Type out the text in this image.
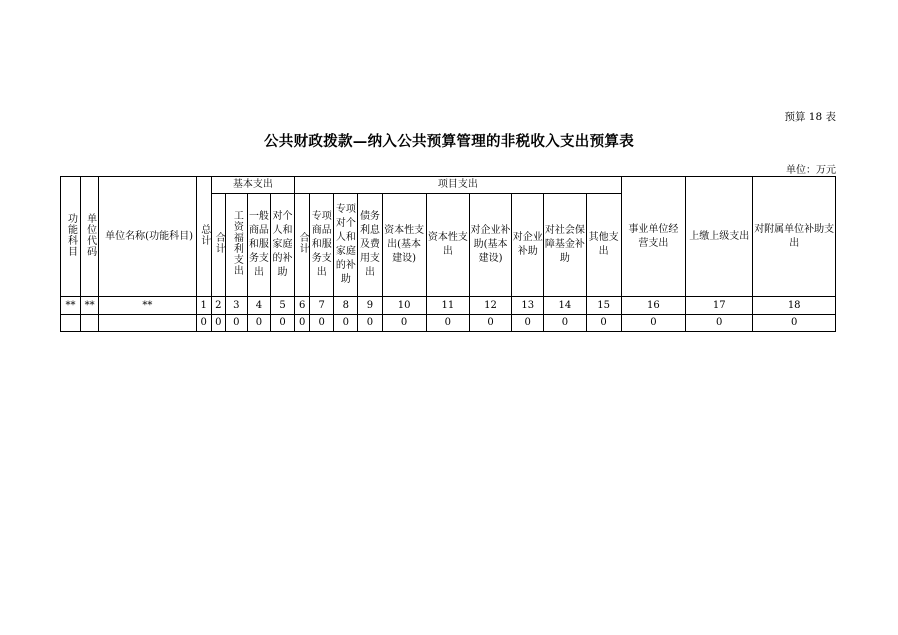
预算 18 表
公共财政拨款—纳入公共预算管理的非税收入支出预算表
单位：万元
功能科目	单位代码	单位名称(功能科目)	总计	基本支出				项目支出										事业单位经营支出	上缴上级支出	对附属单位补助支出

				合计	工资福利支出	一般商品和服务支出	对个人和家庭的补助	合计	专项商品和服务支出	专项对个人和家庭的补助	债务利息及费用支出	资本性支出(基本建设)	资本性支出	对企业补助(基本建设)	对企业补助	对社会保障基金补助	其他支出			

**	**	**	1	2	3	4	5	6	7	8	9	10	11	12	13	14	15	16	17	18
			0	0	0	0	0	0	0	0	0	0	0	0	0	0	0	0	0	0
